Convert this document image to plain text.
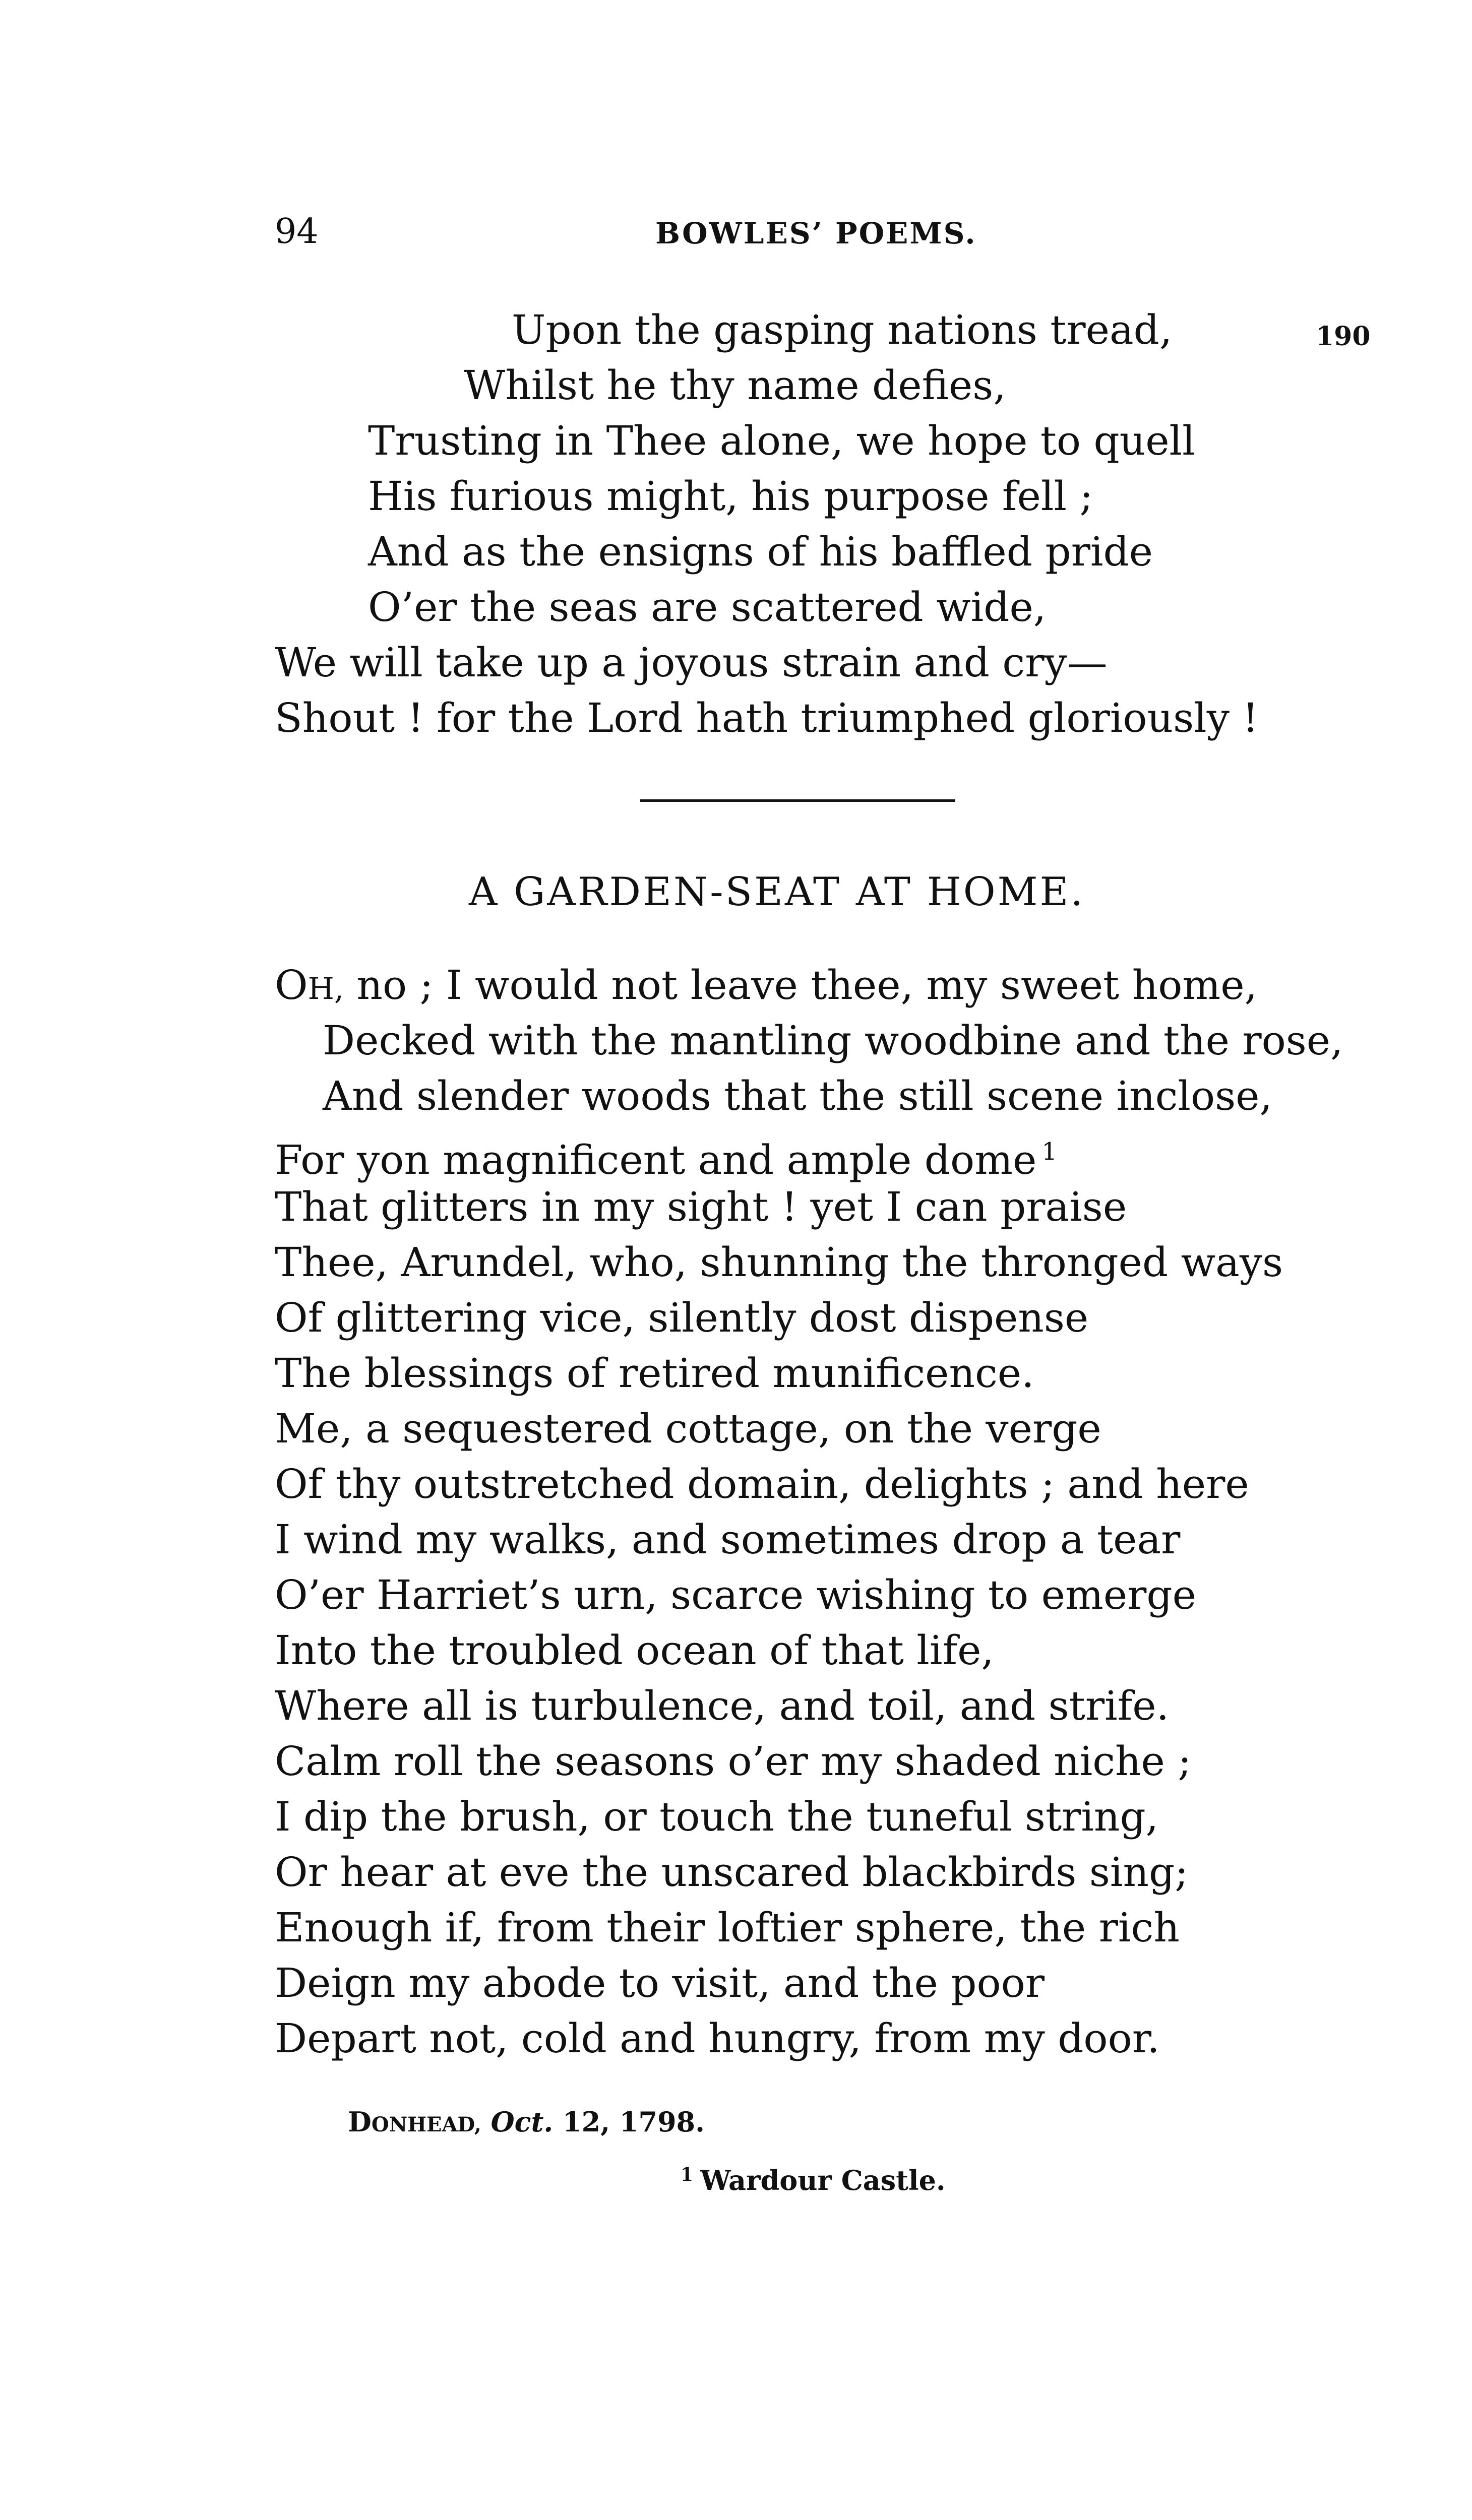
94	BOWLES’ POEMS.
190
Upon the gasping nations tread,
Whilst he thy name defies,
Trusting in Thee alone, we hope to quell
His furious might, his purpose fell ;
And as the ensigns of his baffled pride
O’er the seas are scattered wide,
We will take up a joyous strain and cry—
Shout ! for the Lord hath triumphed gloriously !
A GARDEN-SEAT AT HOME.
OH, no ; I would not leave thee, my sweet home,
Decked with the mantling woodbine and the rose,
And slender woods that the still scene inclose,
For yon magnificent and ample dome $^1$
That glitters in my sight ! yet I can praise
Thee, Arundel, who, shunning the thronged ways
Of glittering vice, silently dost dispense
The blessings of retired munificence.
Me, a sequestered cottage, on the verge
Of thy outstretched domain, delights ; and here
I wind my walks, and sometimes drop a tear
O’er Harriet’s urn, scarce wishing to emerge
Into the troubled ocean of that life,
Where all is turbulence, and toil, and strife.
Calm roll the seasons o’er my shaded niche ;
I dip the brush, or touch the tuneful string,
Or hear at eve the unscared blackbirds sing;
Enough if, from their loftier sphere, the rich
Deign my abode to visit, and the poor
Depart not, cold and hungry, from my door.
DONHEAD, Oct. 12, 1798.
$^1$ Wardour Castle.
